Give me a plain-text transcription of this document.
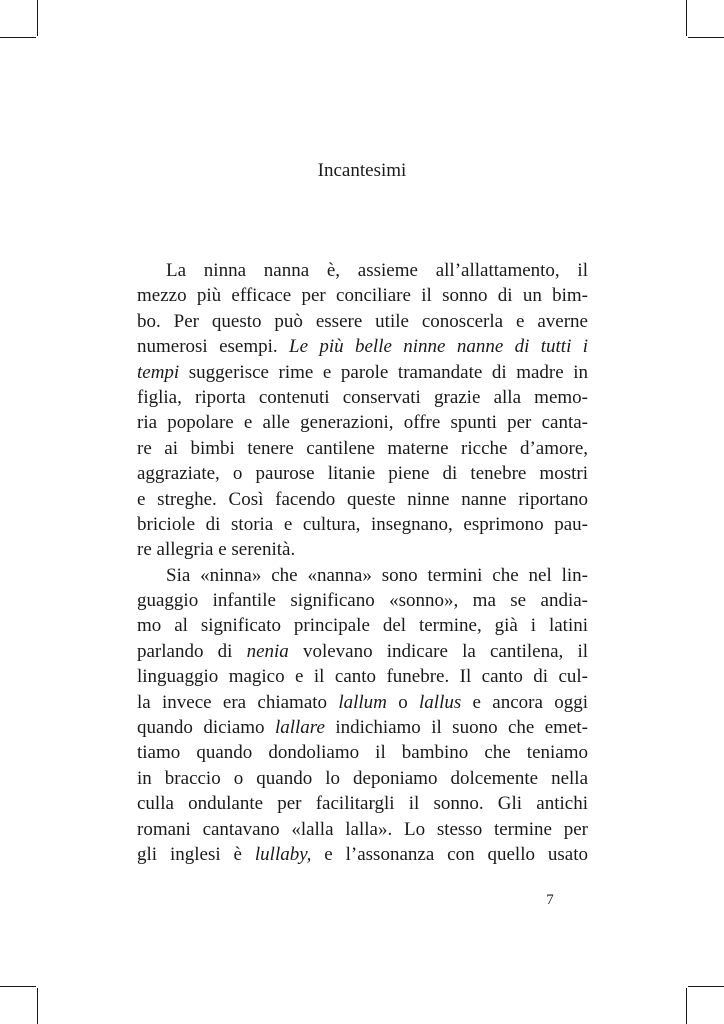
Incantesimi
La ninna nanna è, assieme all’allattamento, il
mezzo più efficace per conciliare il sonno di un bim-
bo. Per questo può essere utile conoscerla e averne
numerosi esempi. Le più belle ninne nanne di tutti i
tempi suggerisce rime e parole tramandate di madre in
figlia, riporta contenuti conservati grazie alla memo-
ria popolare e alle generazioni, offre spunti per canta-
re ai bimbi tenere cantilene materne ricche d’amore,
aggraziate, o paurose litanie piene di tenebre mostri
e streghe. Così facendo queste ninne nanne riportano
briciole di storia e cultura, insegnano, esprimono pau-
re allegria e serenità.
Sia «ninna» che «nanna» sono termini che nel lin-
guaggio infantile significano «sonno», ma se andia-
mo al significato principale del termine, già i latini
parlando di nenia volevano indicare la cantilena, il
linguaggio magico e il canto funebre. Il canto di cul-
la invece era chiamato lallum o lallus e ancora oggi
quando diciamo lallare indichiamo il suono che emet-
tiamo quando dondoliamo il bambino che teniamo
in braccio o quando lo deponiamo dolcemente nella
culla ondulante per facilitargli il sonno. Gli antichi
romani cantavano «lalla lalla». Lo stesso termine per
gli inglesi è lullaby, e l’assonanza con quello usato
7
